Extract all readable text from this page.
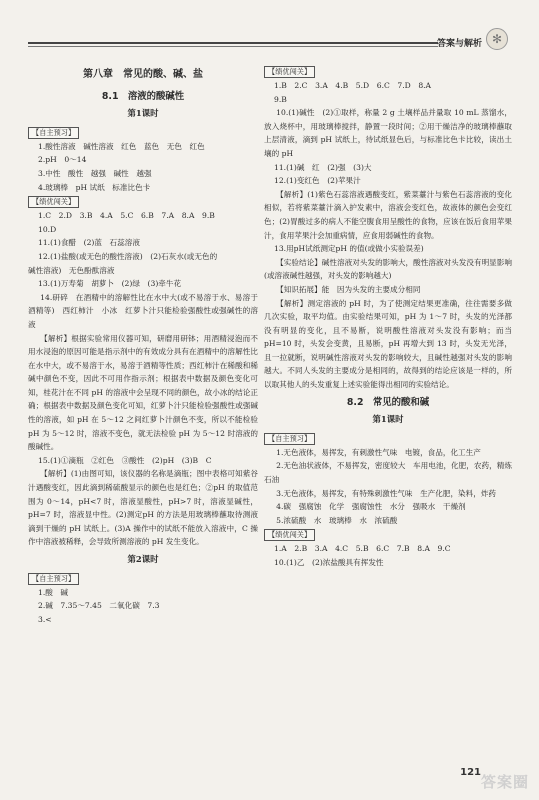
答案与解析 ✻
第八章　常见的酸、碱、盐
8.1　溶液的酸碱性
第1课时
【自主预习】
1.酸性溶液　碱性溶液　红色　蓝色　无色　红色
2.pH　0～14
3.中性　酸性　越强　碱性　越强
4.玻璃棒　pH 试纸　标准比色卡
【绩优闯关】
1.C　2.D　3.B　4.A　5.C　6.B　7.A　8.A　9.B
10.D
11.(1)食醋　(2)蓝　石蕊溶液
12.(1)盐酸(或无色的酸性溶液)　(2)石灰水(或无色的
碱性溶液)　无色酚酞溶液
13.(1)万寿菊　胡萝卜　(2)绿　(3)牵牛花
14.研碎　在酒精中的溶解性比在水中大(或不易溶于水、易溶于酒精等)　西红柿汁　小冰　红萝卜汁只能检验强酸性或强碱性的溶液
【解析】根据实验常用仪器可知，研磨用研钵；用酒精浸泡而不用水浸泡的原因可能是指示剂中的有效成分具有在酒精中的溶解性比在水中大，或不易溶于水，易溶于酒精等性质；西红柿汁在稀酸和稀碱中颜色不变，因此不可用作指示剂；根据表中数据及颜色变化可知，桂花汁在不同 pH 的溶液中会呈现不同的颜色，故小冰的结论正确；根据表中数据及颜色变化可知，红萝卜汁只能检验强酸性或强碱性的溶液，如 pH 在 5～12 之间红萝卜汁颜色不变，所以不能检验 pH 为 5～12 时，溶液不变色，就无法检验 pH 为 5～12 时溶液的酸碱性。
15.(1)①滴瓶　②红色　③酸性　(2)pH　(3)B　C
【解析】(1)由图可知，该仪器的名称是滴瓶；图中表格可知紫谷汁遇酸变红，因此滴到稀硫酸显示的颜色也是红色；②pH 的取值范围为 0～14，pH<7 时，溶液显酸性，pH>7 时，溶液显碱性，pH=7 时，溶液显中性。(2)测定pH 的方法是用玻璃棒蘸取待测液滴到干燥的 pH 试纸上。(3)A 操作中的试纸不能放入溶液中，C 操作中溶液被稀释，会导致所测溶液的 pH 发生变化。
第2课时
【自主预习】
1.酸　碱
2.碱　7.35～7.45　二氧化碳　7.3
3.<
【绩优闯关】
1.B　2.C　3.A　4.B　5.D　6.C　7.D　8.A
9.B
10.(1)碱性　(2)①取样，称量 2 g 土壤样品并量取 10 mL 蒸馏水，放入烧杯中，用玻璃棒搅拌，静置一段时间；②用干燥洁净的玻璃棒蘸取上层清液，滴到 pH 试纸上，待试纸显色后，与标准比色卡比较，读出土壤的 pH
11.(1)碱　红　(2)强　(3)大
12.(1)变红色　(2)苹果汁
【解析】(1)紫色石蕊溶液遇酸变红，紫菜薹汁与紫色石蕊溶液的变化相似，若将紫菜薹汁滴入护发素中，溶液会变红色，故液体的颜色会变红色；(2)胃酸过多的病人不能空腹食用呈酸性的食物，应该在饭后食用苹果汁，食用苹果汁会加重病情，应食用弱碱性的食物。
13.用pH试纸测定pH 的值(或做小实验误差)
【实验结论】碱性溶液对头发的影响大，酸性溶液对头发没有明显影响(或溶液碱性越强，对头发的影响越大)
【知识拓展】能　因为头发的主要成分相同
【解析】测定溶液的 pH 时，为了使测定结果更准确，往往需要多做几次实验，取平均值。由实验结果可知，pH 为 1～7 时，头发的光泽都没有明显的变化，且不易断，说明酸性溶液对头发没有影响；而当 pH=10 时，头发会变黄，且易断，pH 再增大到 13 时，头发无光泽，且一拉就断，说明碱性溶液对头发的影响较大，且碱性越强对头发的影响越大。不同人头发的主要成分是相同的，故得到的结论应该是一样的，所以取其他人的头发重复上述实验能得出相同的实验结论。
8.2　常见的酸和碱
第1课时
【自主预习】
1.无色液体，易挥发，有刺激性气味　电镀，食品，化工生产
2.无色油状液体，不易挥发，密度较大　车用电池，化肥，农药，精炼石油
3.无色液体，易挥发，有特殊刺激性气味　生产化肥，染料，炸药
4.碳　强腐蚀　化学　强腐蚀性　水分　强吸水　干燥剂
5.浓硫酸　水　玻璃棒　水　浓硫酸
【绩优闯关】
1.A　2.B　3.A　4.C　5.B　6.C　7.B　8.A　9.C
10.(1)乙　(2)浓盐酸具有挥发性
121
答案圈
